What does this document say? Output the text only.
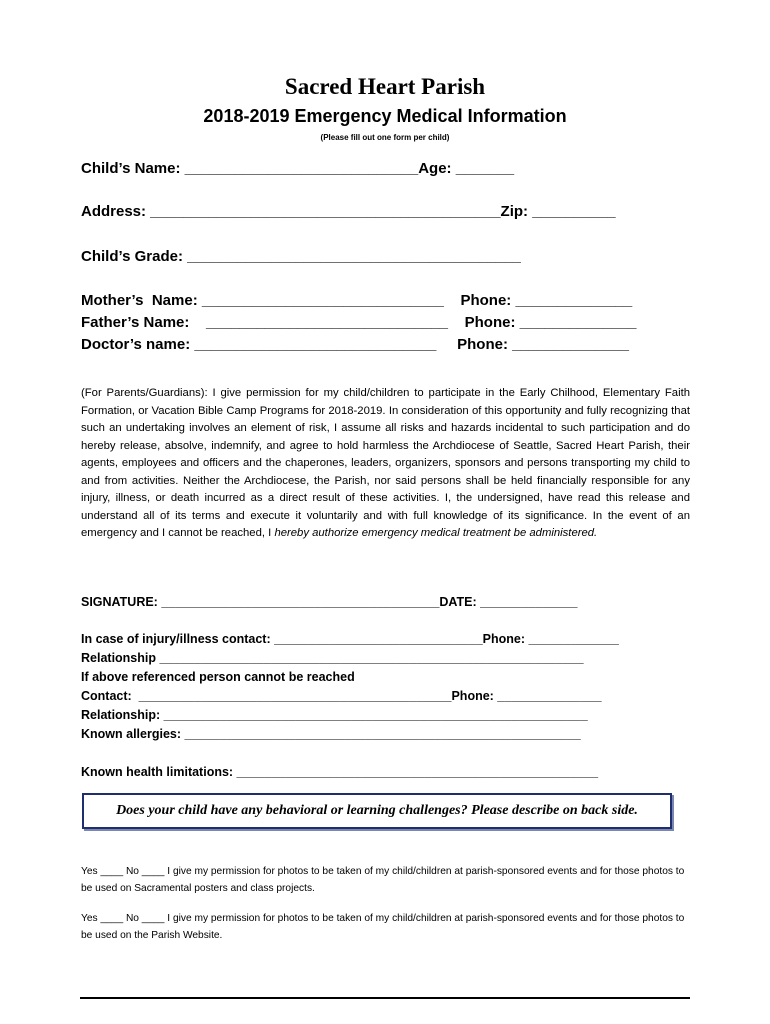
Sacred Heart Parish
2018-2019 Emergency Medical Information
(Please fill out one form per child)
Child’s Name: ____________________________Age: _______
Address: __________________________________________Zip: __________
Child’s Grade: ________________________________________
Mother’s  Name: _____________________________    Phone: ______________
Father’s Name:    _____________________________    Phone: ______________
Doctor’s name: _____________________________     Phone: ______________
(For Parents/Guardians): I give permission for my child/children to participate in the Early Chilhood, Elementary Faith Formation, or Vacation Bible Camp Programs for 2018-2019. In consideration of this opportunity and fully recognizing that such an undertaking involves an element of risk, I assume all risks and hazards incidental to such participation and do hereby release, absolve, indemnify, and agree to hold harmless the Archdiocese of Seattle, Sacred Heart Parish, their agents, employees and officers and the chaperones, leaders, organizers, sponsors and persons transporting my child to and from activities. Neither the Archdiocese, the Parish, nor said persons shall be held financially responsible for any injury, illness, or death incurred as a direct result of these activities. I, the undersigned, have read this release and understand all of its terms and execute it voluntarily and with full knowledge of its significance. In the event of an emergency and I cannot be reached, I hereby authorize emergency medical treatment be administered.
SIGNATURE: ________________________________________DATE: ______________
In case of injury/illness contact: ______________________________Phone: _____________
Relationship _____________________________________________________________
If above referenced person cannot be reached
Contact:  _____________________________________________Phone: _______________
Relationship: _____________________________________________________________
Known allergies: _________________________________________________________
Known health limitations: ____________________________________________________
Does your child have any behavioral or learning challenges? Please describe on back side.
Yes ____ No ____ I give my permission for photos to be taken of my child/children at parish-sponsored events and for those photos to be used on Sacramental posters and class projects.
Yes ____ No ____ I give my permission for photos to be taken of my child/children at parish-sponsored events and for those photos to be used on the Parish Website.
